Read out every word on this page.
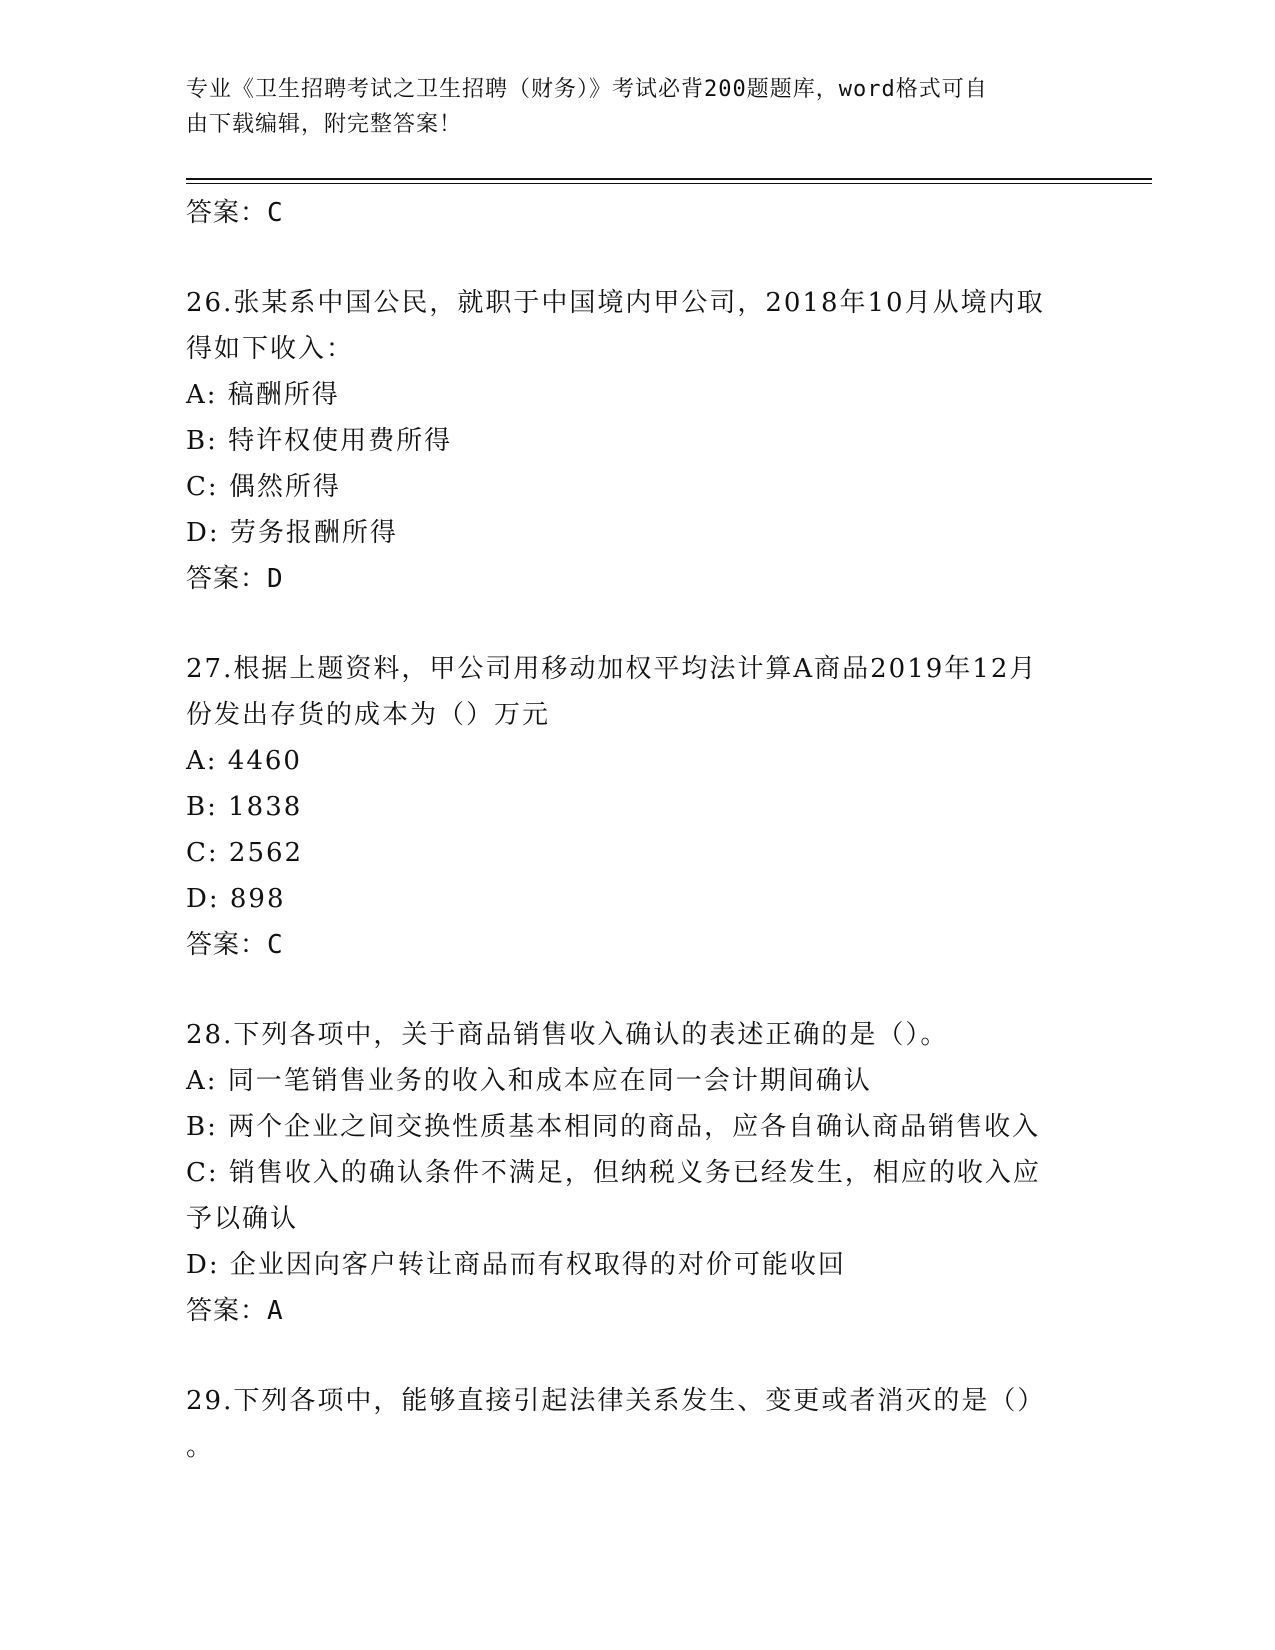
专业《卫生招聘考试之卫生招聘（财务）》考试必背200题题库，word格式可自
由下载编辑，附完整答案！
答案：C
26.张某系中国公民，就职于中国境内甲公司，2018年10月从境内取
得如下收入：
A: 稿酬所得
B: 特许权使用费所得
C: 偶然所得
D: 劳务报酬所得
答案：D
27.根据上题资料，甲公司用移动加权平均法计算A商品2019年12月
份发出存货的成本为（）万元
A: 4460
B: 1838
C: 2562
D: 898
答案：C
28.下列各项中，关于商品销售收入确认的表述正确的是（）。
A: 同一笔销售业务的收入和成本应在同一会计期间确认
B: 两个企业之间交换性质基本相同的商品，应各自确认商品销售收入
C: 销售收入的确认条件不满足，但纳税义务已经发生，相应的收入应
予以确认
D: 企业因向客户转让商品而有权取得的对价可能收回
答案：A
29.下列各项中，能够直接引起法律关系发生、变更或者消灭的是（）
。
